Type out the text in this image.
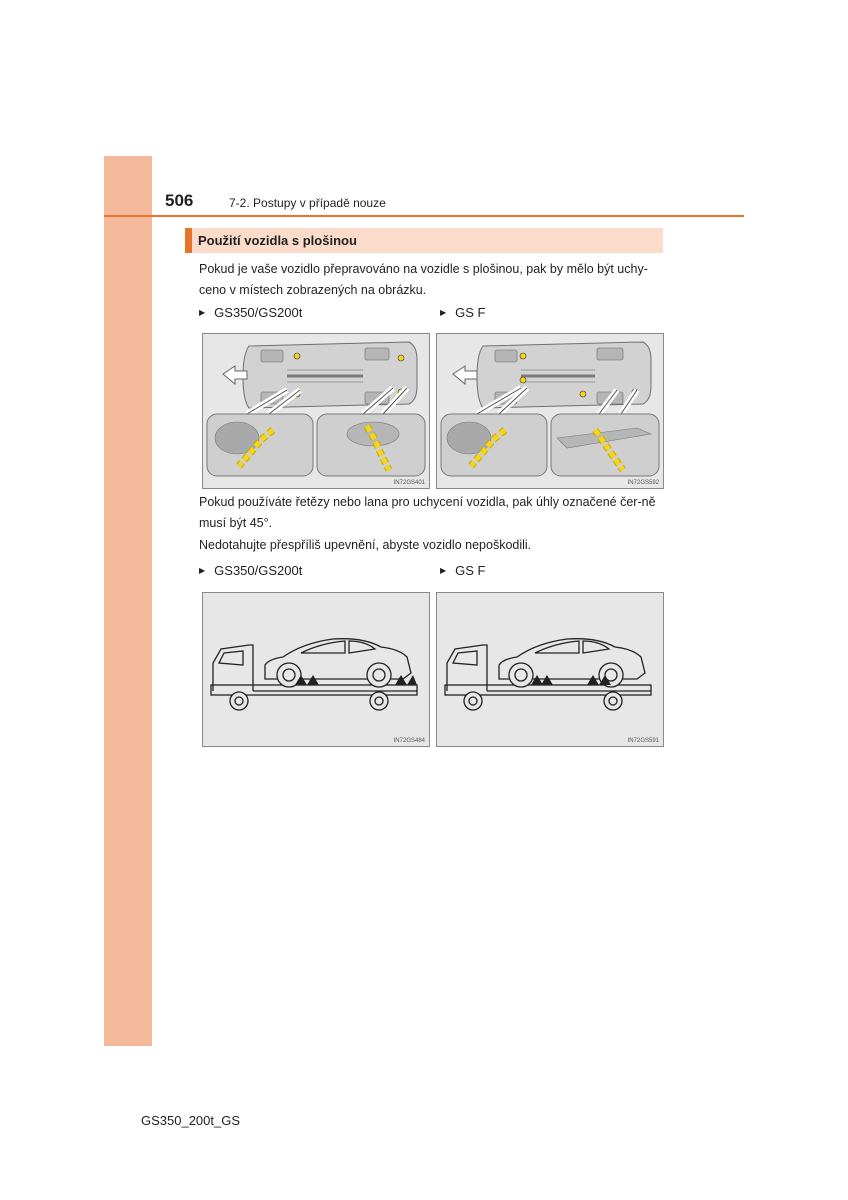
506	7-2. Postupy v případě nouze
Použití vozidla s plošinou

Pokud je vaše vozidlo přepravováno na vozidle s plošinou, pak by mělo být uchy-ceno v místech zobrazených na obrázku.

▶ GS350/GS200t	▶ GS F
IN72GS401	IN72GS592

Pokud používáte řetězy nebo lana pro uchycení vozidla, pak úhly označené čer-ně musí být 45°.

Nedotahujte přespříliš upevnění, abyste vozidlo nepoškodili.

▶ GS350/GS200t	▶ GS F
IN72GS484	IN72GS591
GS350_200t_GS
